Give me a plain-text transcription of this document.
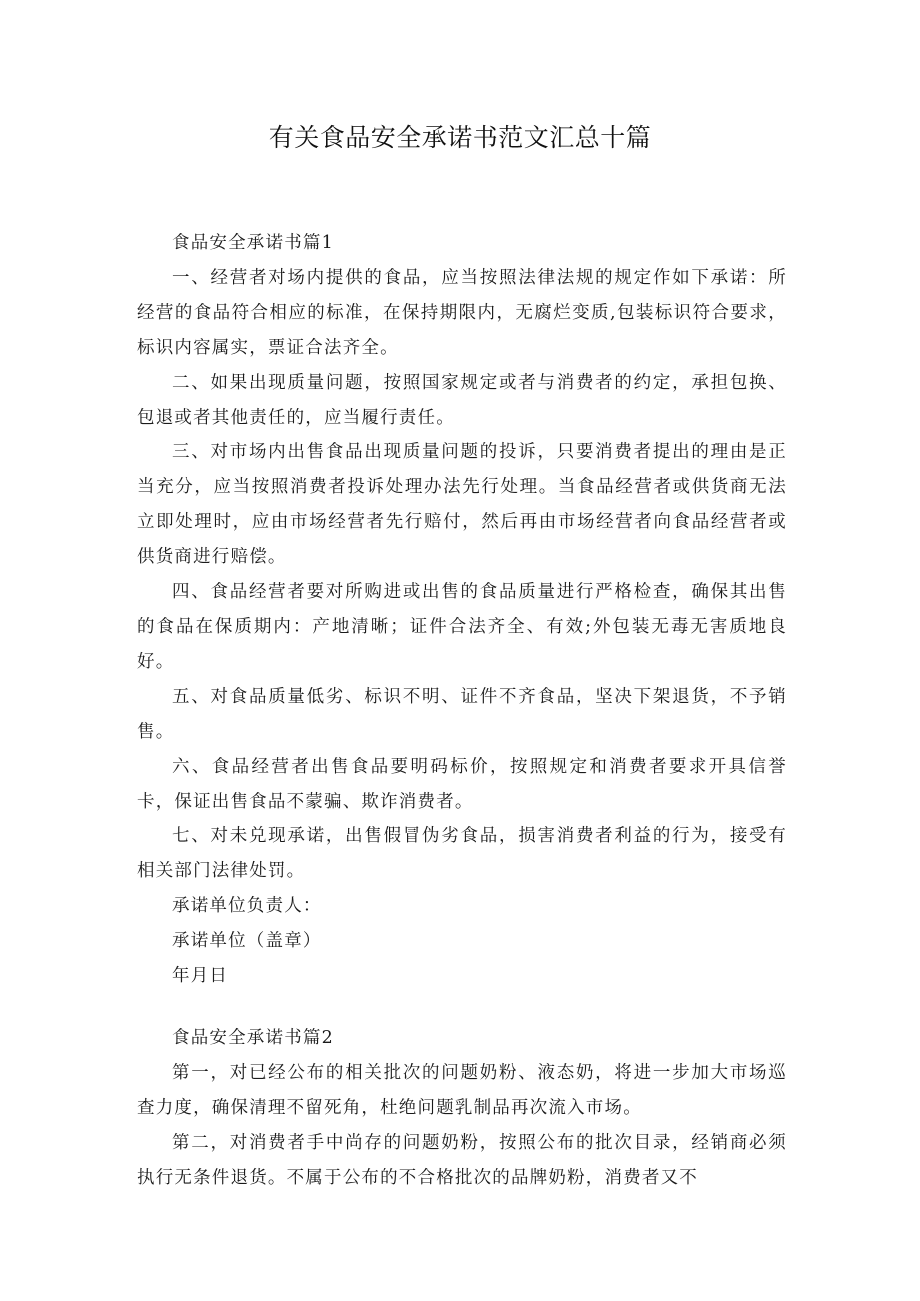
有关食品安全承诺书范文汇总十篇

食品安全承诺书篇1

一、经营者对场内提供的食品，应当按照法律法规的规定作如下承诺：所经营的食品符合相应的标准，在保持期限内，无腐烂变质,包装标识符合要求，标识内容属实，票证合法齐全。

二、如果出现质量问题，按照国家规定或者与消费者的约定，承担包换、包退或者其他责任的，应当履行责任。

三、对市场内出售食品出现质量问题的投诉，只要消费者提出的理由是正当充分，应当按照消费者投诉处理办法先行处理。当食品经营者或供货商无法立即处理时，应由市场经营者先行赔付，然后再由市场经营者向食品经营者或供货商进行赔偿。

四、食品经营者要对所购进或出售的食品质量进行严格检查，确保其出售的食品在保质期内：产地清晰；证件合法齐全、有效;外包装无毒无害质地良好。

五、对食品质量低劣、标识不明、证件不齐食品，坚决下架退货，不予销售。

六、食品经营者出售食品要明码标价，按照规定和消费者要求开具信誉卡，保证出售食品不蒙骗、欺诈消费者。

七、对未兑现承诺，出售假冒伪劣食品，损害消费者利益的行为，接受有相关部门法律处罚。

承诺单位负责人：

承诺单位（盖章）

年月日

食品安全承诺书篇2

第一，对已经公布的相关批次的问题奶粉、液态奶，将进一步加大市场巡查力度，确保清理不留死角，杜绝问题乳制品再次流入市场。

第二，对消费者手中尚存的问题奶粉，按照公布的批次目录，经销商必须执行无条件退货。不属于公布的不合格批次的品牌奶粉，消费者又不
